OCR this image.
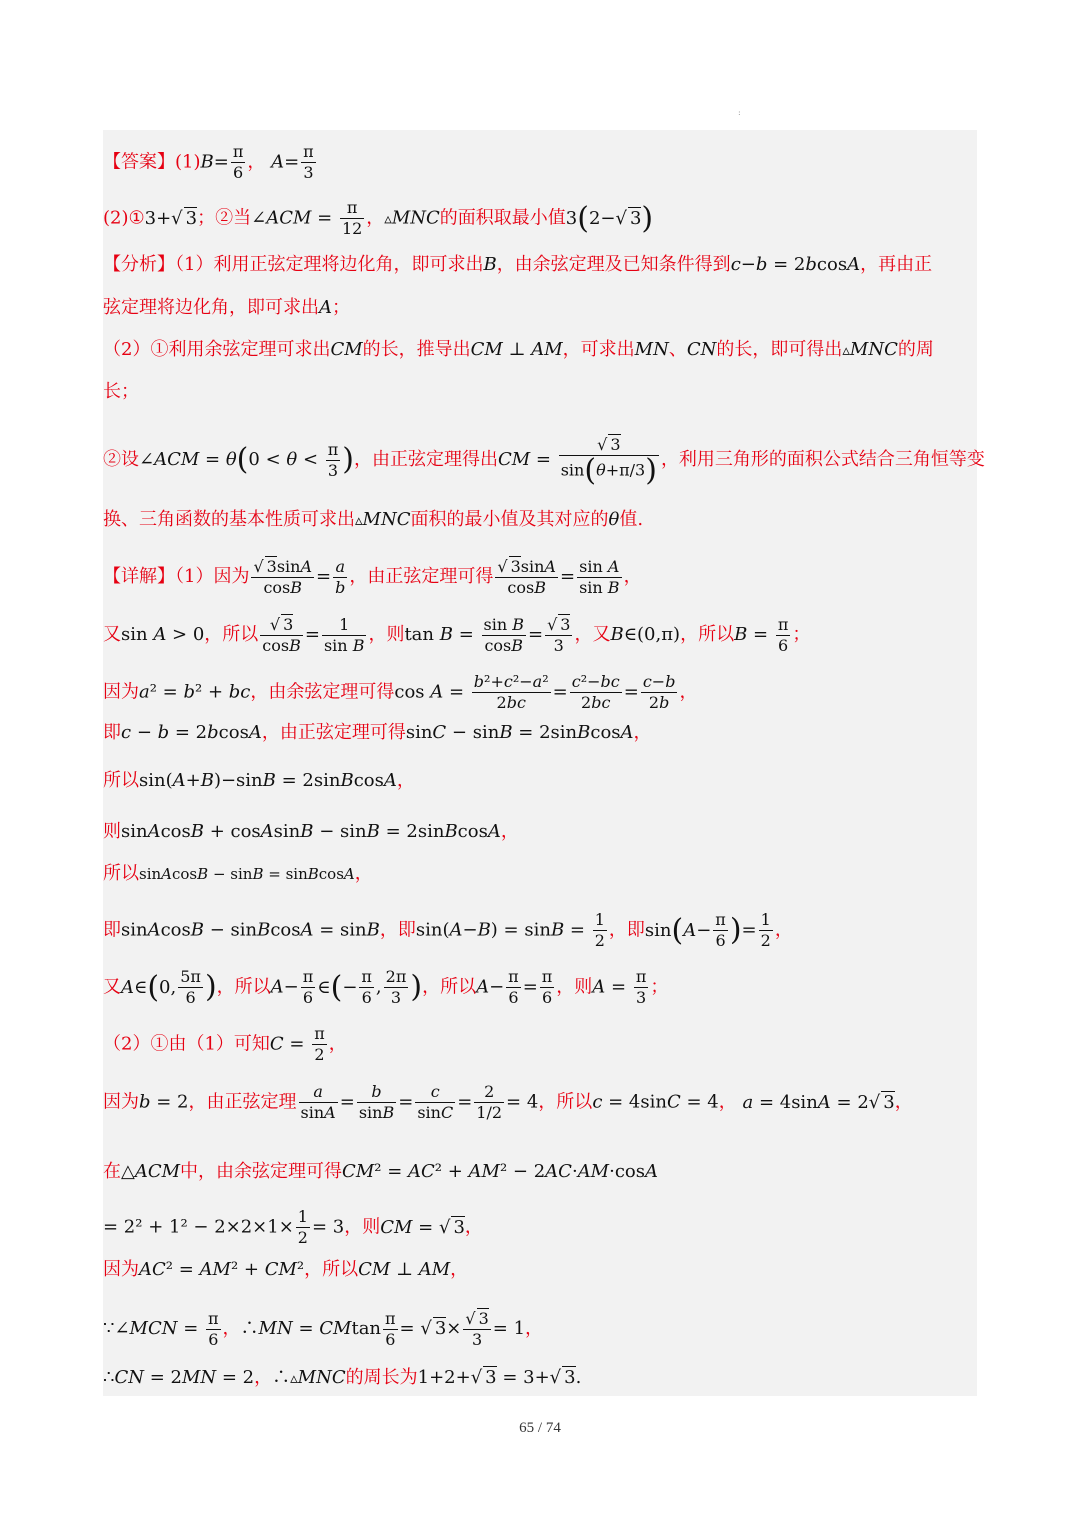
:
【答案】$(1)B= \frac{\pi}{6}$ ， $A= \frac{\pi}{3}$
(2)①3+√ 3；②当∠ACM = $\frac{\pi}{12}$ ，▵MNC的面积取最小值3(2−√ 3)
【分析】（1）利用正弦定理将边化角，即可求出B，由余弦定理及已知条件得到c−b = 2bcosA，再由正
弦定理将边化角，即可求出A；
（2）①利用余弦定理可求出CM的长，推导出CM ⊥ AM，可求出MN、CN的长，即可得出▵MNC的周
长；
②设∠ACM = $\theta(0 < \theta < \frac{\pi}{3}$ )，由正弦定理得出CM = $\frac{√ 3}{\sin(\theta+\pi/3)}$ ，利用三角形的面积公式结合三角恒等变
换、三角函数的基本性质可求出▵MNC面积的最小值及其对应的θ值.
【详解】（1）因为 $\frac{√ 3\sin A}{\cos B} = \frac{a}{b}$ ，由正弦定理可得 $\frac{√ 3\sin A}{\cos B} = \frac{\text{sin A}}{\text{sin B}}$ ，
又sin A > 0，所以 $\frac{√ 3}{\cos B} = \frac{1}{\text{sin B}}$ ，则$\tan B = \frac{\text{sin B}}{\cos B} = \frac{√ 3}{3}$ ，又B∈(0,π)，所以$B = \frac{\pi}{6}$ ；
因为a² = b² + bc，由余弦定理可得$\cos A = \frac{\text{b²+c²−a²}}{2bc} = \frac{\text{c²−bc}}{2bc} = \frac{c-b}{2b}$ ，
即c − b = 2bcosA，由正弦定理可得sinC − sinB = 2sinBcosA，
所以sin(A+B)−sinB = 2sinBcosA，
则sinAcosB + cosAsinB − sinB = 2sinBcosA，
所以sinAcosB − sinB = sinBcosA，
即sinAcosB − sinBcosA = sinB，即$\sin(A-B) = \sin B = \frac{1}{2}$ ，即$\sin(A- \frac{\pi}{6}$ )= $\frac{1}{2}$ ，
又A∈(0, $\frac{5\pi}{6}$ )，所以$A- \frac{\pi}{6}$ ∈(− $\frac{\pi}{6}$ , $\frac{2\pi}{3}$ )，所以$A- \frac{\pi}{6} = \frac{\pi}{6}$ ，则$A = \frac{\pi}{3}$ ；
（2）①由（1）可知$C = \frac{\pi}{2}$ ，
因为b = 2，由正弦定理 $\frac{a}{\sin A} = \frac{b}{\sin B} = \frac{c}{\sin C} = \frac{2}{1/2} = 4$，所以c = 4sinC = 4， a = 4sinA = 2√ 3，
在△ACM中，由余弦定理可得CM² = AC² + AM² − 2AC·AM·cosA
= $2^2 + 1^2 - 2\times 2\times 1\times \frac{1}{2} = 3$，则CM = √ 3，
因为AC² = AM² + CM²，所以CM ⊥ AM，
∵∠MCN = $\frac{\pi}{6}$ ，∴MN = CMtan $\frac{\pi}{6}$ = √ $3\times \frac{√ 3}{3} = 1$，
∴CN = 2MN = 2，∴▵MNC的周长为1+2+√ 3 = 3+√ 3.
65 / 74
